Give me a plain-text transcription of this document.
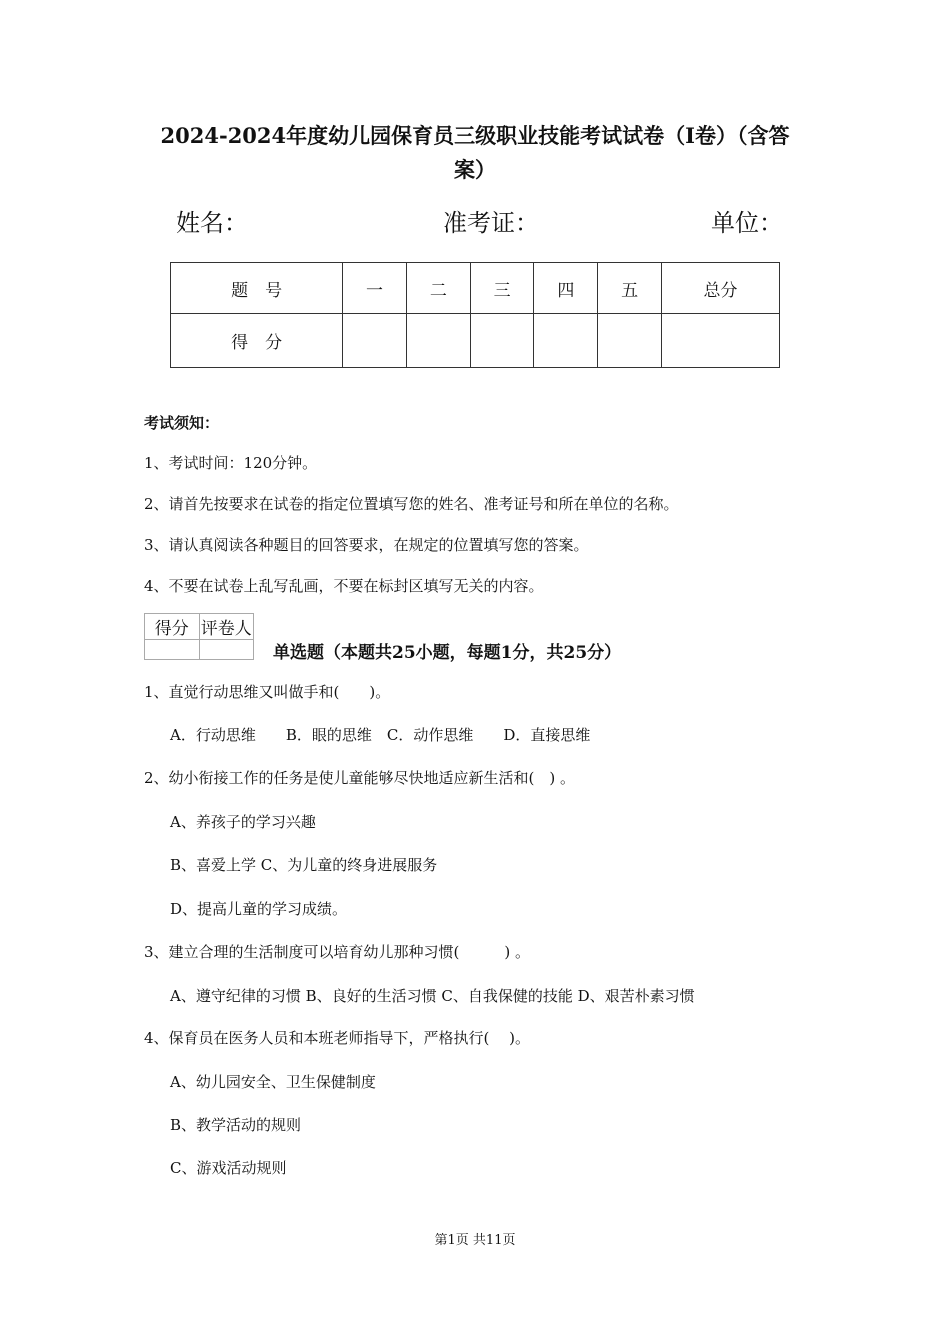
2024-2024年度幼儿园保育员三级职业技能考试试卷（I卷）（含答
案）
姓名：	准考证：	单位：
题　号	一	二	三	四	五	总分
得　分						
考试须知：
1、考试时间：120分钟。
2、请首先按要求在试卷的指定位置填写您的姓名、准考证号和所在单位的名称。
3、请认真阅读各种题目的回答要求，在规定的位置填写您的答案。
4、不要在试卷上乱写乱画，不要在标封区填写无关的内容。
得分	评卷人

单选题（本题共25小题，每题1分，共25分）
1、直觉行动思维又叫做手和(　　)。
A．行动思维　　B．眼的思维　C．动作思维　　D．直接思维
2、幼小衔接工作的任务是使儿童能够尽快地适应新生活和(　) 。
A、养孩子的学习兴趣
B、喜爱上学 C、为儿童的终身进展服务
D、提高儿童的学习成绩。
3、建立合理的生活制度可以培育幼儿那种习惯(　　　) 。
A、遵守纪律的习惯 B、良好的生活习惯 C、自我保健的技能 D、艰苦朴素习惯
4、保育员在医务人员和本班老师指导下，严格执行(　 )。
A、幼儿园安全、卫生保健制度
B、教学活动的规则
C、游戏活动规则
第1页 共11页
